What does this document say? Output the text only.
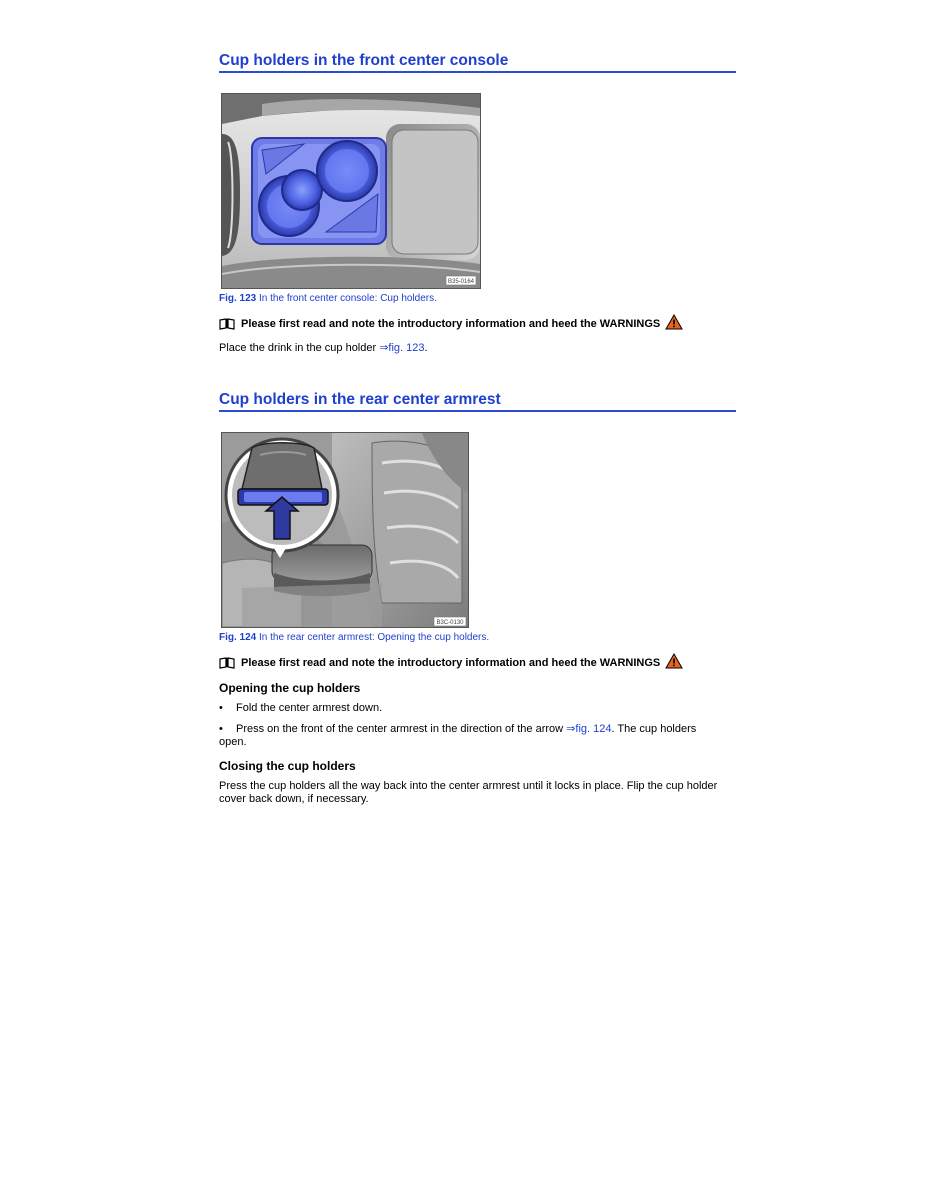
Cup holders in the front center console
B35-0164
Fig. 123 In the front center console: Cup holders.
Please first read and note the introductory information and heed the WARNINGS
Place the drink in the cup holder ⇒fig. 123.
Cup holders in the rear center armrest
B3C-0130
Fig. 124 In the rear center armrest: Opening the cup holders.
Please first read and note the introductory information and heed the WARNINGS
Opening the cup holders
• Fold the center armrest down.
• Press on the front of the center armrest in the direction of the arrow ⇒fig. 124. The cup holders
open.
Closing the cup holders
Press the cup holders all the way back into the center armrest until it locks in place. Flip the cup holder
cover back down, if necessary.
